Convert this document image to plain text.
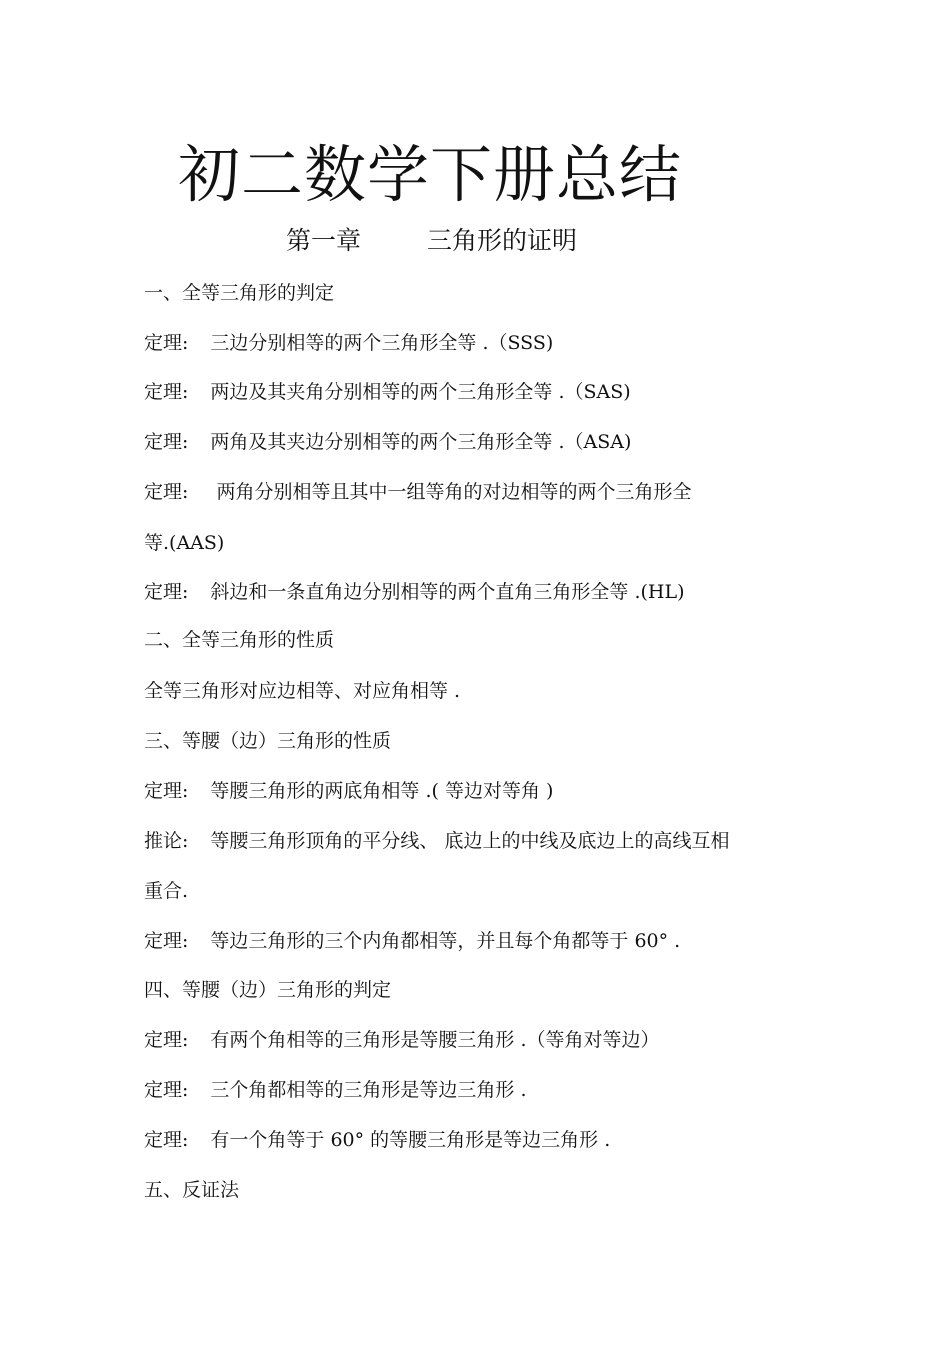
初二数学下册总结
第一章	三角形的证明
一、全等三角形的判定
定理: 三边分别相等的两个三角形全等 .（SSS)
定理: 两边及其夹角分别相等的两个三角形全等 .（SAS)
定理: 两角及其夹边分别相等的两个三角形全等 .（ASA)
定理: 两角分别相等且其中一组等角的对边相等的两个三角形全
等.(AAS)
定理: 斜边和一条直角边分别相等的两个直角三角形全等 .(HL)
二、全等三角形的性质
全等三角形对应边相等、对应角相等 .
三、等腰（边）三角形的性质
定理: 等腰三角形的两底角相等 .( 等边对等角 )
推论: 等腰三角形顶角的平分线、 底边上的中线及底边上的高线互相
重合.
定理: 等边三角形的三个内角都相等，并且每个角都等于 60° .
四、等腰（边）三角形的判定
定理: 有两个角相等的三角形是等腰三角形 .（等角对等边）
定理: 三个角都相等的三角形是等边三角形 .
定理: 有一个角等于 60° 的等腰三角形是等边三角形 .
五、反证法
